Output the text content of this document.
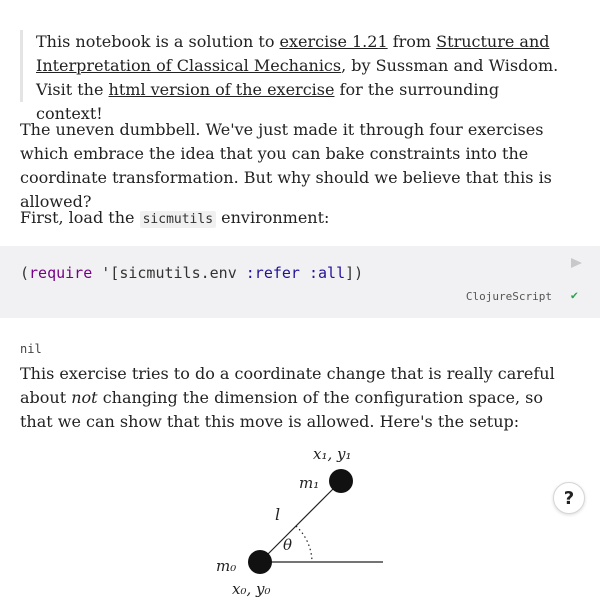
This notebook is a solution to exercise 1.21 from Structure and Interpretation of Classical Mechanics, by Sussman and Wisdom. Visit the html version of the exercise for the surrounding context!
The uneven dumbbell. We've just made it through four exercises which embrace the idea that you can bake constraints into the coordinate transformation. But why should we believe that this is allowed?
First, load the sicmutils environment:
(require '[sicmutils.env :refer :all])
ClojureScript ✔
nil
This exercise tries to do a coordinate change that is really careful about not changing the dimension of the configuration space, so that we can show that this move is allowed. Here's the setup:
x₁, y₁
m₁
l
θ
m₀
x₀, y₀
?
